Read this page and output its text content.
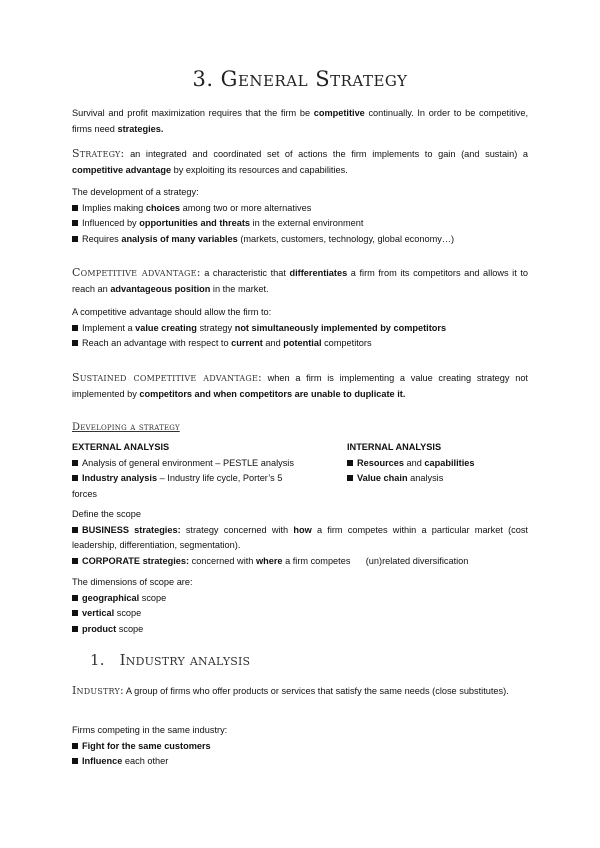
3. General Strategy
Survival and profit maximization requires that the firm be competitive continually. In order to be competitive, firms need strategies.
Strategy: an integrated and coordinated set of actions the firm implements to gain (and sustain) a competitive advantage by exploiting its resources and capabilities.
The development of a strategy:
Implies making choices among two or more alternatives
Influenced by opportunities and threats in the external environment
Requires analysis of many variables (markets, customers, technology, global economy…)
Competitive advantage: a characteristic that differentiates a firm from its competitors and allows it to reach an advantageous position in the market.
A competitive advantage should allow the firm to:
Implement a value creating strategy not simultaneously implemented by competitors
Reach an advantage with respect to current and potential competitors
Sustained competitive advantage: when a firm is implementing a value creating strategy not implemented by competitors and when competitors are unable to duplicate it.
Developing a strategy
EXTERNAL ANALYSIS
Analysis of general environment – PESTLE analysis
Industry analysis – Industry life cycle, Porter’s 5
forces
INTERNAL ANALYSIS
Resources and capabilities
Value chain analysis
Define the scope
BUSINESS strategies: strategy concerned with how a firm competes within a particular market (cost leadership, differentiation, segmentation).
CORPORATE strategies: concerned with where a firm competes      (un)related diversification
The dimensions of scope are:
geographical scope
vertical scope
product scope
1.   Industry analysis
Industry: A group of firms who offer products or services that satisfy the same needs (close substitutes).
Firms competing in the same industry:
Fight for the same customers
Influence each other
